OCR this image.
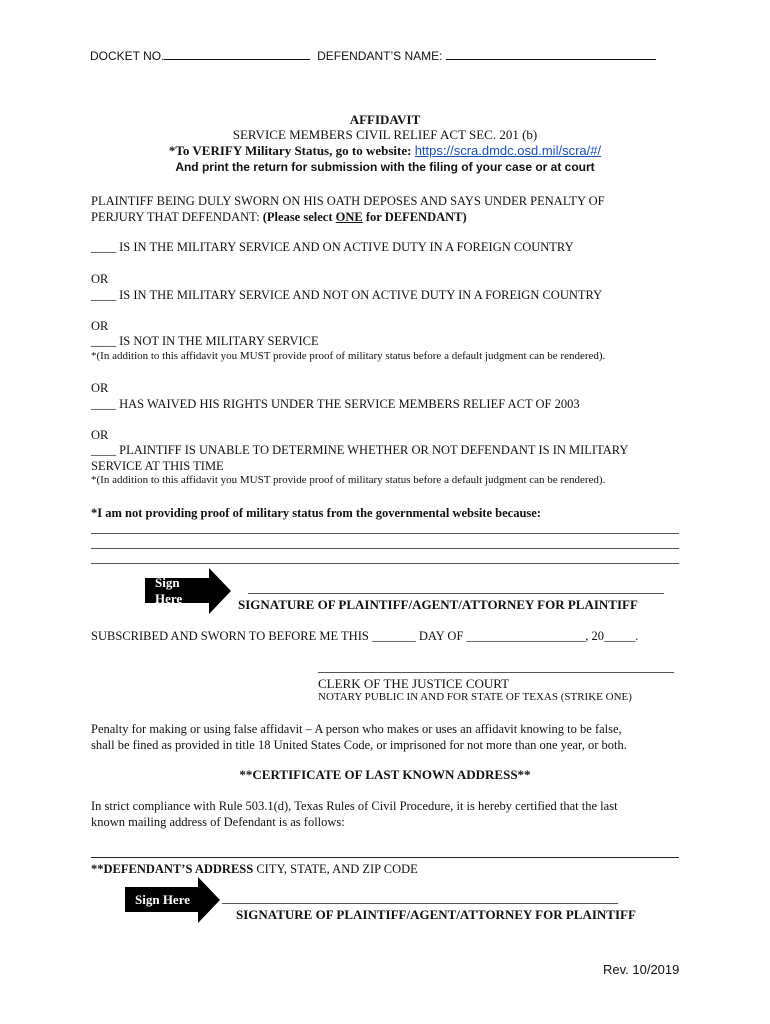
DOCKET NO.	DEFENDANT’S NAME:
AFFIDAVIT
SERVICE MEMBERS CIVIL RELIEF ACT SEC. 201 (b)
*To VERIFY Military Status, go to website: https://scra.dmdc.osd.mil/scra/#/
And print the return for submission with the filing of your case or at court
PLAINTIFF BEING DULY SWORN ON HIS OATH DEPOSES AND SAYS UNDER PENALTY OF
PERJURY THAT DEFENDANT: (Please select ONE for DEFENDANT)
____ IS IN THE MILITARY SERVICE AND ON ACTIVE DUTY IN A FOREIGN COUNTRY
OR
____ IS IN THE MILITARY SERVICE AND NOT ON ACTIVE DUTY IN A FOREIGN COUNTRY
OR
____ IS NOT IN THE MILITARY SERVICE
*(In addition to this affidavit you MUST provide proof of military status before a default judgment can be rendered).
OR
____ HAS WAIVED HIS RIGHTS UNDER THE SERVICE MEMBERS RELIEF ACT OF 2003
OR
____ PLAINTIFF IS UNABLE TO DETERMINE WHETHER OR NOT DEFENDANT IS IN MILITARY
SERVICE AT THIS TIME
*(In addition to this affidavit you MUST provide proof of military status before a default judgment can be rendered).
*I am not providing proof of military status from the governmental website because:
Sign Here	SIGNATURE OF PLAINTIFF/AGENT/ATTORNEY FOR PLAINTIFF
SUBSCRIBED AND SWORN TO BEFORE ME THIS _______ DAY OF ___________________, 20_____.
CLERK OF THE JUSTICE COURT
NOTARY PUBLIC IN AND FOR STATE OF TEXAS (STRIKE ONE)
Penalty for making or using false affidavit – A person who makes or uses an affidavit knowing to be false,
shall be fined as provided in title 18 United States Code, or imprisoned for not more than one year, or both.
**CERTIFICATE OF LAST KNOWN ADDRESS**
In strict compliance with Rule 503.1(d), Texas Rules of Civil Procedure, it is hereby certified that the last
known mailing address of Defendant is as follows:
**DEFENDANT’S ADDRESS CITY, STATE, AND ZIP CODE
Sign Here
SIGNATURE OF PLAINTIFF/AGENT/ATTORNEY FOR PLAINTIFF
Rev. 10/2019
